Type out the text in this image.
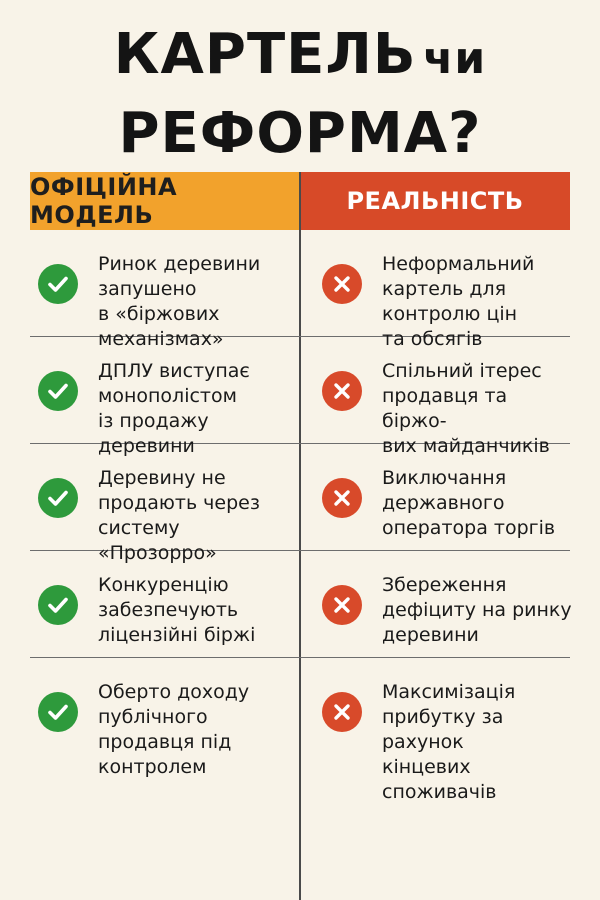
КАРТЕЛЬ чи
РЕФОРМА?
ОФІЦІЙНА МОДЕЛЬ	РЕАЛЬНІСТЬ
Ринок деревини
запушено
в «біржових
механізмах»
Неформальний
картель для
контролю цін
та обсягів
ДПЛУ виступає
монополістом
із продажу деревини
Спільний ітерес
продавця та біржо-
вих майданчиків
Деревину не
продають через
систему «Прозорро»
Виключання
державного
оператора торгів
Конкуренцію
забезпечують
ліцензійні біржі
Збереження
дефіциту на ринку
деревини
Оберто доходу
публічного
продавця під
контролем
Максимізація
прибутку за рахунок
кінцевих споживачів
